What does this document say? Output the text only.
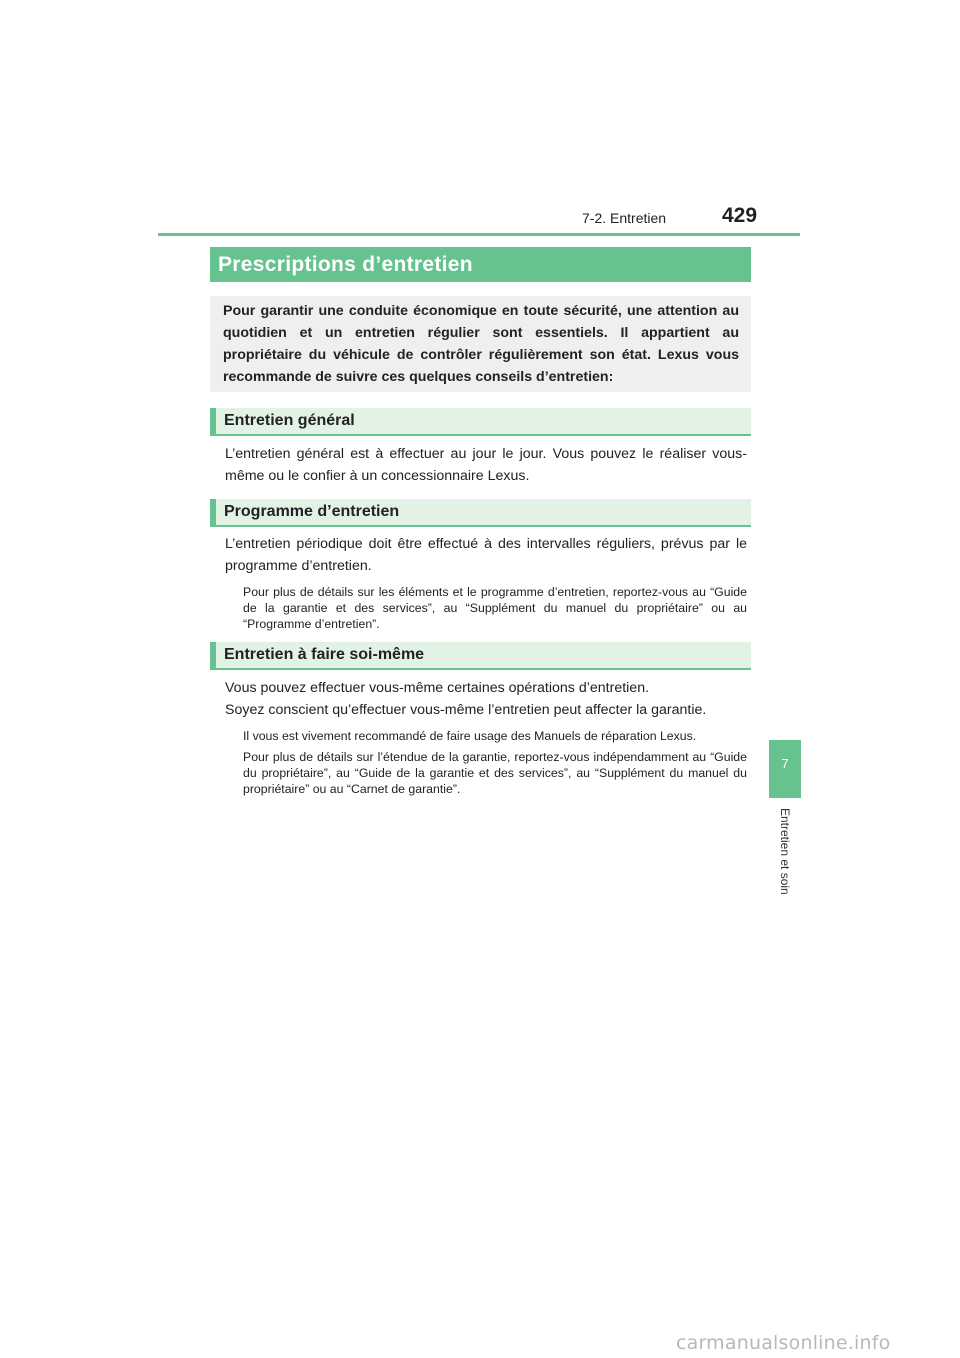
7-2. Entretien	429
Prescriptions d’entretien
Pour garantir une conduite économique en toute sécurité, une attention au quotidien et un entretien régulier sont essentiels. Il appartient au propriétaire du véhicule de contrôler régulièrement son état. Lexus vous recommande de suivre ces quelques conseils d’entretien:
Entretien général

L’entretien général est à effectuer au jour le jour. Vous pouvez le réaliser vous-même ou le confier à un concessionnaire Lexus.

Programme d’entretien

L’entretien périodique doit être effectué à des intervalles réguliers, prévus par le programme d’entretien.

Pour plus de détails sur les éléments et le programme d’entretien, reportez-vous au “Guide de la garantie et des services”, au “Supplément du manuel du propriétaire” ou au “Programme d’entretien”.

Entretien à faire soi-même

Vous pouvez effectuer vous-même certaines opérations d’entretien.

Soyez conscient qu’effectuer vous-même l’entretien peut affecter la garantie.

Il vous est vivement recommandé de faire usage des Manuels de réparation Lexus.

Pour plus de détails sur l’étendue de la garantie, reportez-vous indépendamment au “Guide du propriétaire”, au “Guide de la garantie et des services”, au “Supplément du manuel du propriétaire” ou au “Carnet de garantie”.

7
Entretien et soin
carmanualsonline.info
